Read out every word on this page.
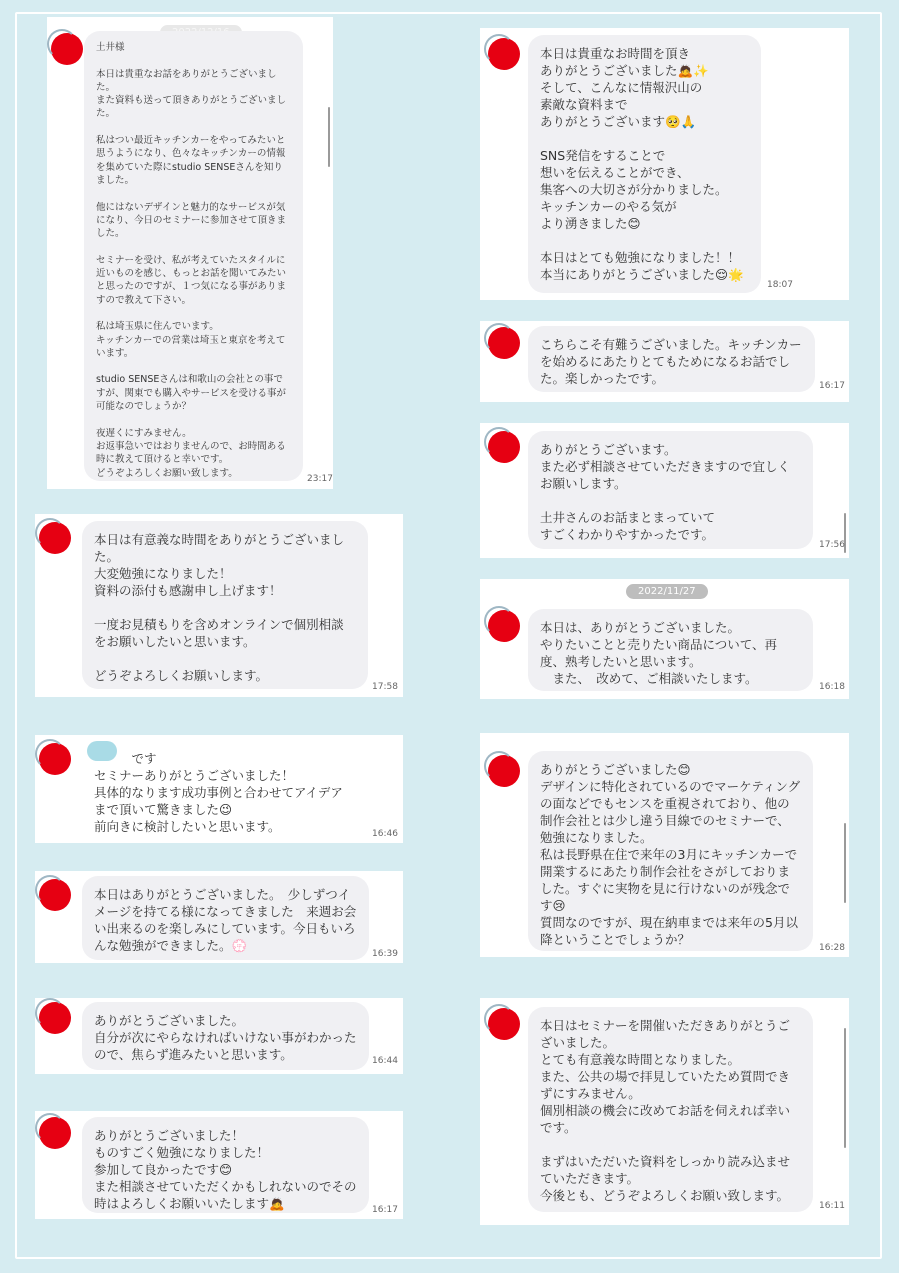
土井様

本日は貴重なお話をありがとうございました。
また資料も送って頂きありがとうございました。

私はつい最近キッチンカーをやってみたいと思うようになり、色々なキッチンカーの情報を集めていた際にstudio SENSEさんを知りました。

他にはないデザインと魅力的なサービスが気になり、今日のセミナーに参加させて頂きました。

セミナーを受け、私が考えていたスタイルに近いものを感じ、もっとお話を聞いてみたいと思ったのですが、１つ気になる事がありますので教えて下さい。

私は埼玉県に住んでいます。
キッチンカーでの営業は埼玉と東京を考えています。

studio SENSEさんは和歌山の会社との事ですが、関東でも購入やサービスを受ける事が可能なのでしょうか？

夜遅くにすみません。
お返事急いではおりませんので、お時間ある時に教えて頂けると幸いです。
どうぞよろしくお願い致します。
23:17
本日は有意義な時間をありがとうございました。
大変勉強になりました！
資料の添付も感謝申し上げます！

一度お見積もりを含めオンラインで個別相談をお願いしたいと思います。

どうぞよろしくお願いします。
17:58
　　　です
セミナーありがとうございました！
具体的なります成功事例と合わせてアイデアまで頂いて驚きました😉
前向きに検討したいと思います。	16:46
本日はありがとうございました。　少しずつイメージを持てる様になってきました　来週お会い出来るのを楽しみにしています。今日もいろんな勉強ができました。💮
16:39
ありがとうございました。
自分が次にやらなければいけない事がわかったので、焦らず進みたいと思います。	16:44
ありがとうございました！
ものすごく勉強になりました！
参加して良かったです😊
また相談させていただくかもしれないのでその時はよろしくお願いいたします🙇	16:17
本日は貴重なお時間を頂き
ありがとうございました🙇✨
そして、こんなに情報沢山の
素敵な資料まで
ありがとうございます🥺🙏

SNS発信をすることで
想いを伝えることができ、
集客への大切さが分かりました。
キッチンカーのやる気が
より湧きました😊

本日はとても勉強になりました！！
本当にありがとうございました😌🌟
18:07
こちらこそ有難うございました。キッチンカーを始めるにあたりとてもためになるお話でした。楽しかったです。	16:17
ありがとうございます。
また必ず相談させていただきますので宜しくお願いします。

土井さんのお話まとまっていて
すごくわかりやすかったです。
17:56
2022/11/27
本日は、ありがとうございました。
やりたいことと売りたい商品について、再度、熟考したいと思います。
　また、　改めて、ご相談いたします。
16:18
ありがとうございました😊
デザインに特化されているのでマーケティングの面などでもセンスを重視されており、他の制作会社とは少し違う目線でのセミナーで、勉強になりました。
私は長野県在住で来年の3月にキッチンカーで開業するにあたり制作会社をさがしておりました。すぐに実物を見に行けないのが残念です😢
質問なのですが、現在納車までは来年の5月以降ということでしょうか？
16:28
本日はセミナーを開催いただきありがとうございました。
とても有意義な時間となりました。
また、公共の場で拝見していたため質問できずにすみません。
個別相談の機会に改めてお話を伺えれば幸いです。

まずはいただいた資料をしっかり読み込ませていただきます。
今後とも、どうぞよろしくお願い致します。
16:11
